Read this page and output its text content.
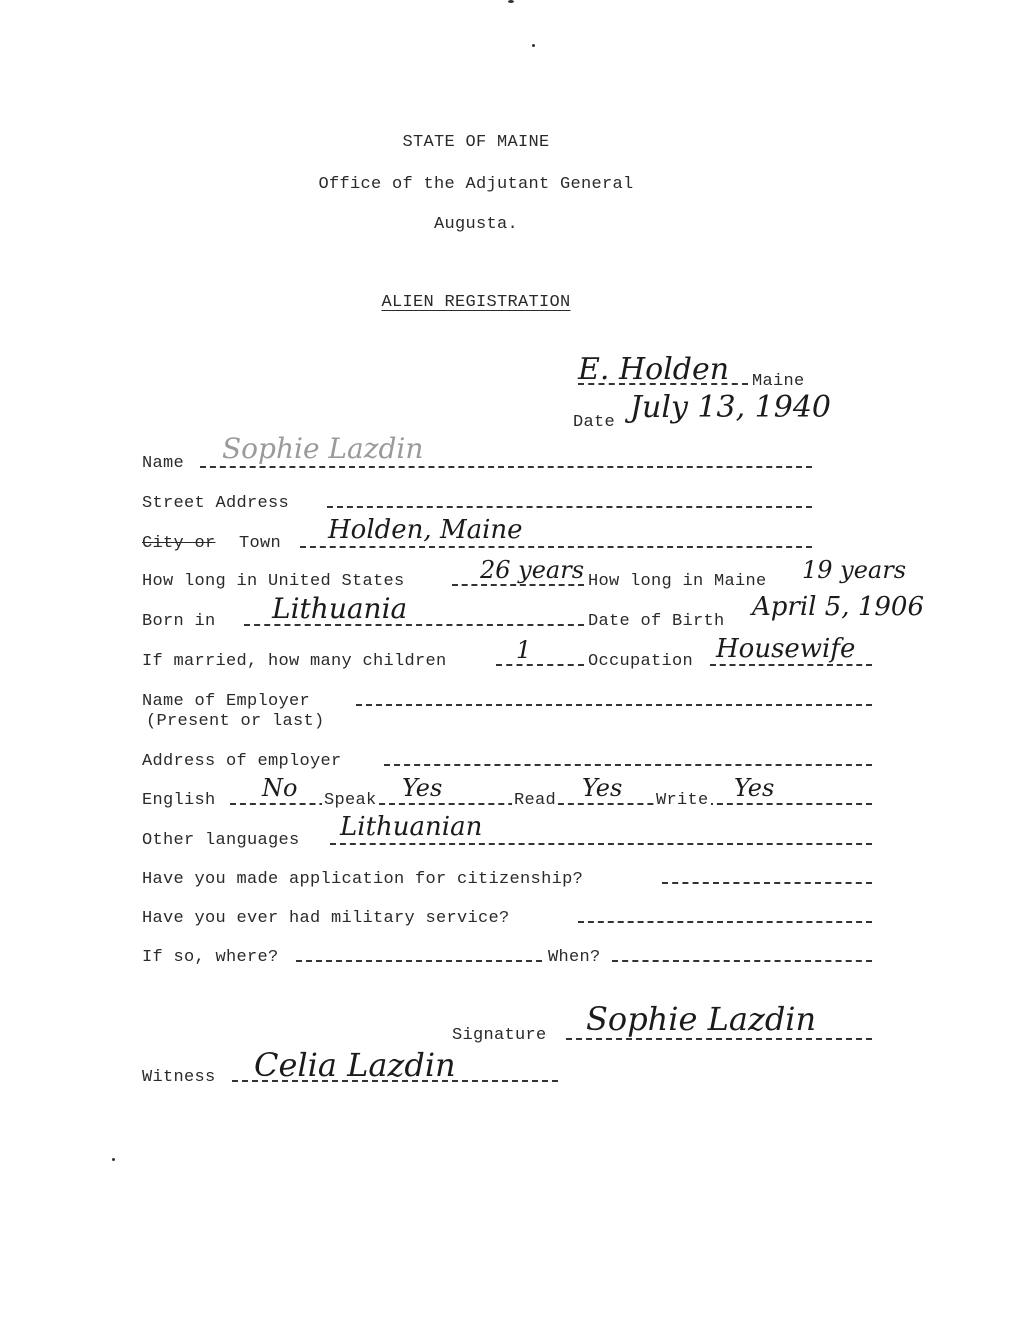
STATE OF MAINE
Office of the Adjutant General
Augusta.
ALIEN REGISTRATION
E. Holden Maine
Date July 13, 1940
Name Sophie Lazdin
Street Address
City or Town Holden, Maine
How long in United States	26 years How long in Maine 19 years
Born in Lithuania	Date of Birth April 5, 1906
If married, how many children	1	Occupation Housewife
Name of Employer
(Present or last)
Address of employer
English No Speak Yes	Read Yes Write Yes
Other languages Lithuanian
Have you made application for citizenship?
Have you ever had military service?
If so, where?	When?
Signature Sophie Lazdin
Witness Celia Lazdin
